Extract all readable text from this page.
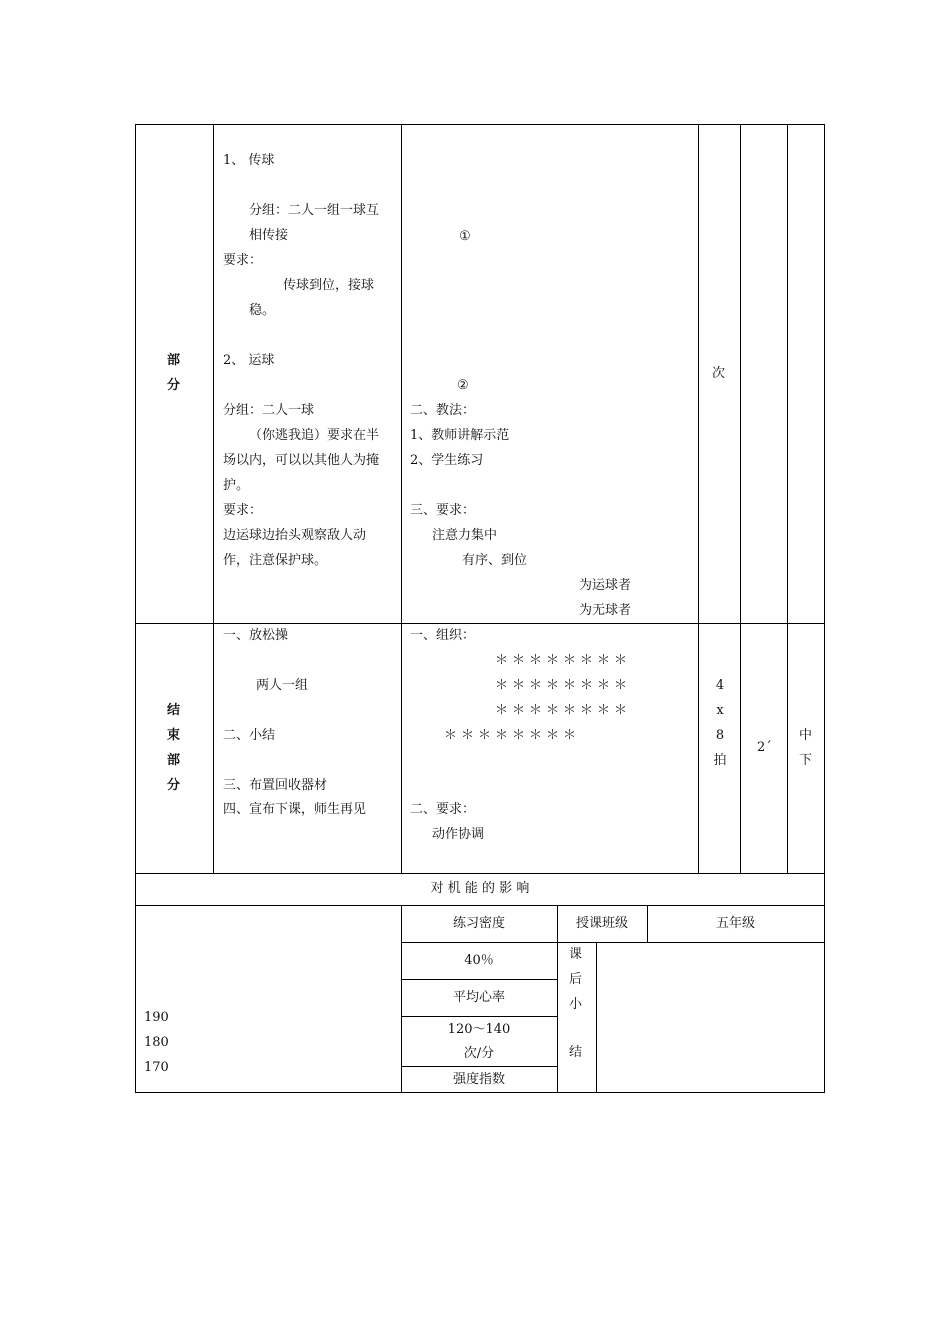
部
分
1、 传球
分组：二人一组一球互
相传接
要求：
传球到位，接球
稳。
2、 运球
分组：二人一球
（你逃我追）要求在半
场以内，可以以其他人为掩
护。
要求：
边运球边抬头观察敌人动
作，注意保护球。
①
②
二、教法：
1、教师讲解示范
2、学生练习
三、要求：
注意力集中
有序、到位
为运球者
为无球者
次
结
束
部
分
一、放松操
两人一组
二、小结
三、布置回收器材
四、宣布下课，师生再见
一、组织：
＊＊＊＊＊＊＊＊
＊＊＊＊＊＊＊＊
＊＊＊＊＊＊＊＊
＊＊＊＊＊＊＊＊
二、要求：
动作协调
4
x
8
拍
2´
中
下
对 机 能 的 影 响
练习密度	授课班级	五年级
40％
平均心率
120～140
次/分
强度指数
课
后
小
结
190
180
170
